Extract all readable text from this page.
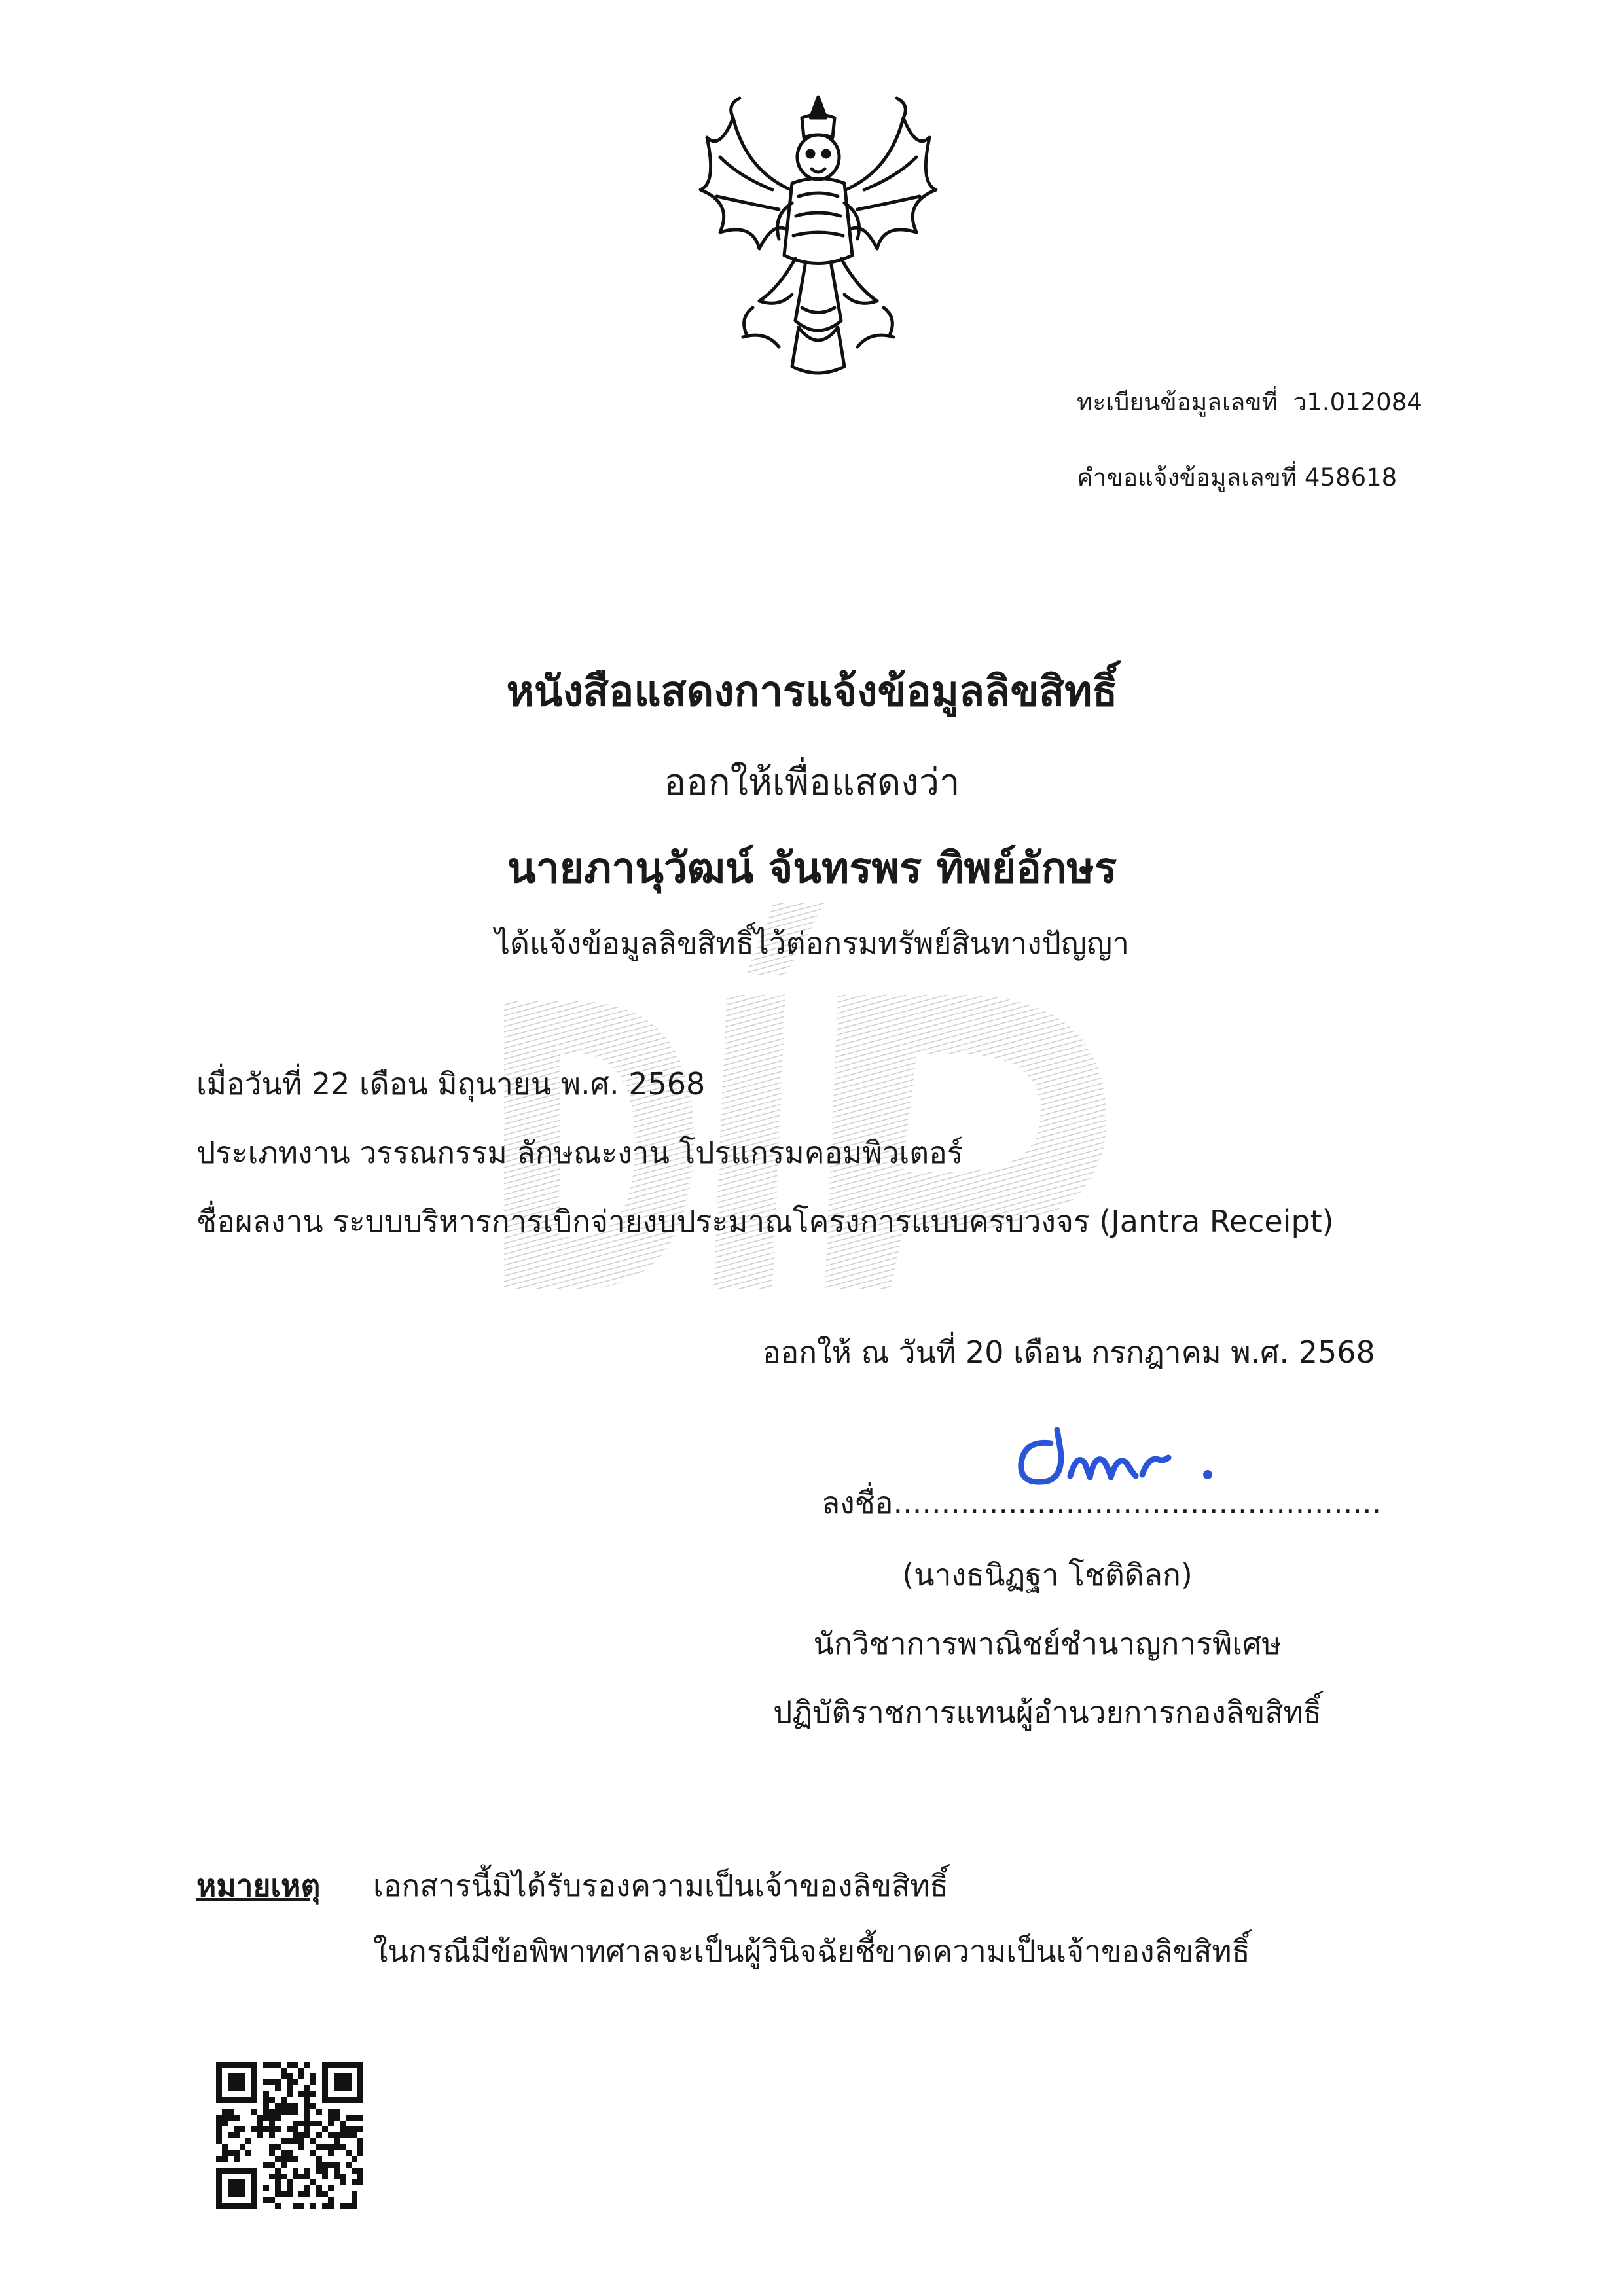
ทะเบียนข้อมูลเลขที่ ว1.012084
คำขอแจ้งข้อมูลเลขที่ 458618
หนังสือแสดงการแจ้งข้อมูลลิขสิทธิ์
ออกให้เพื่อแสดงว่า
นายภานุวัฒน์ จันทรพร ทิพย์อักษร
ได้แจ้งข้อมูลลิขสิทธิ์ไว้ต่อกรมทรัพย์สินทางปัญญา
เมื่อวันที่ 22 เดือน มิถุนายน พ.ศ. 2568
ประเภทงาน วรรณกรรม ลักษณะงาน โปรแกรมคอมพิวเตอร์
ชื่อผลงาน ระบบบริหารการเบิกจ่ายงบประมาณโครงการแบบครบวงจร (Jantra Receipt)
ออกให้ ณ วันที่ 20 เดือน กรกฎาคม พ.ศ. 2568
ลงชื่อ...................................................
(นางธนิฏฐา โชติดิลก)
นักวิชาการพาณิชย์ชำนาญการพิเศษ
ปฏิบัติราชการแทนผู้อำนวยการกองลิขสิทธิ์
หมายเหตุ เอกสารนี้มิได้รับรองความเป็นเจ้าของลิขสิทธิ์
ในกรณีมีข้อพิพาทศาลจะเป็นผู้วินิจฉัยชี้ขาดความเป็นเจ้าของลิขสิทธิ์
